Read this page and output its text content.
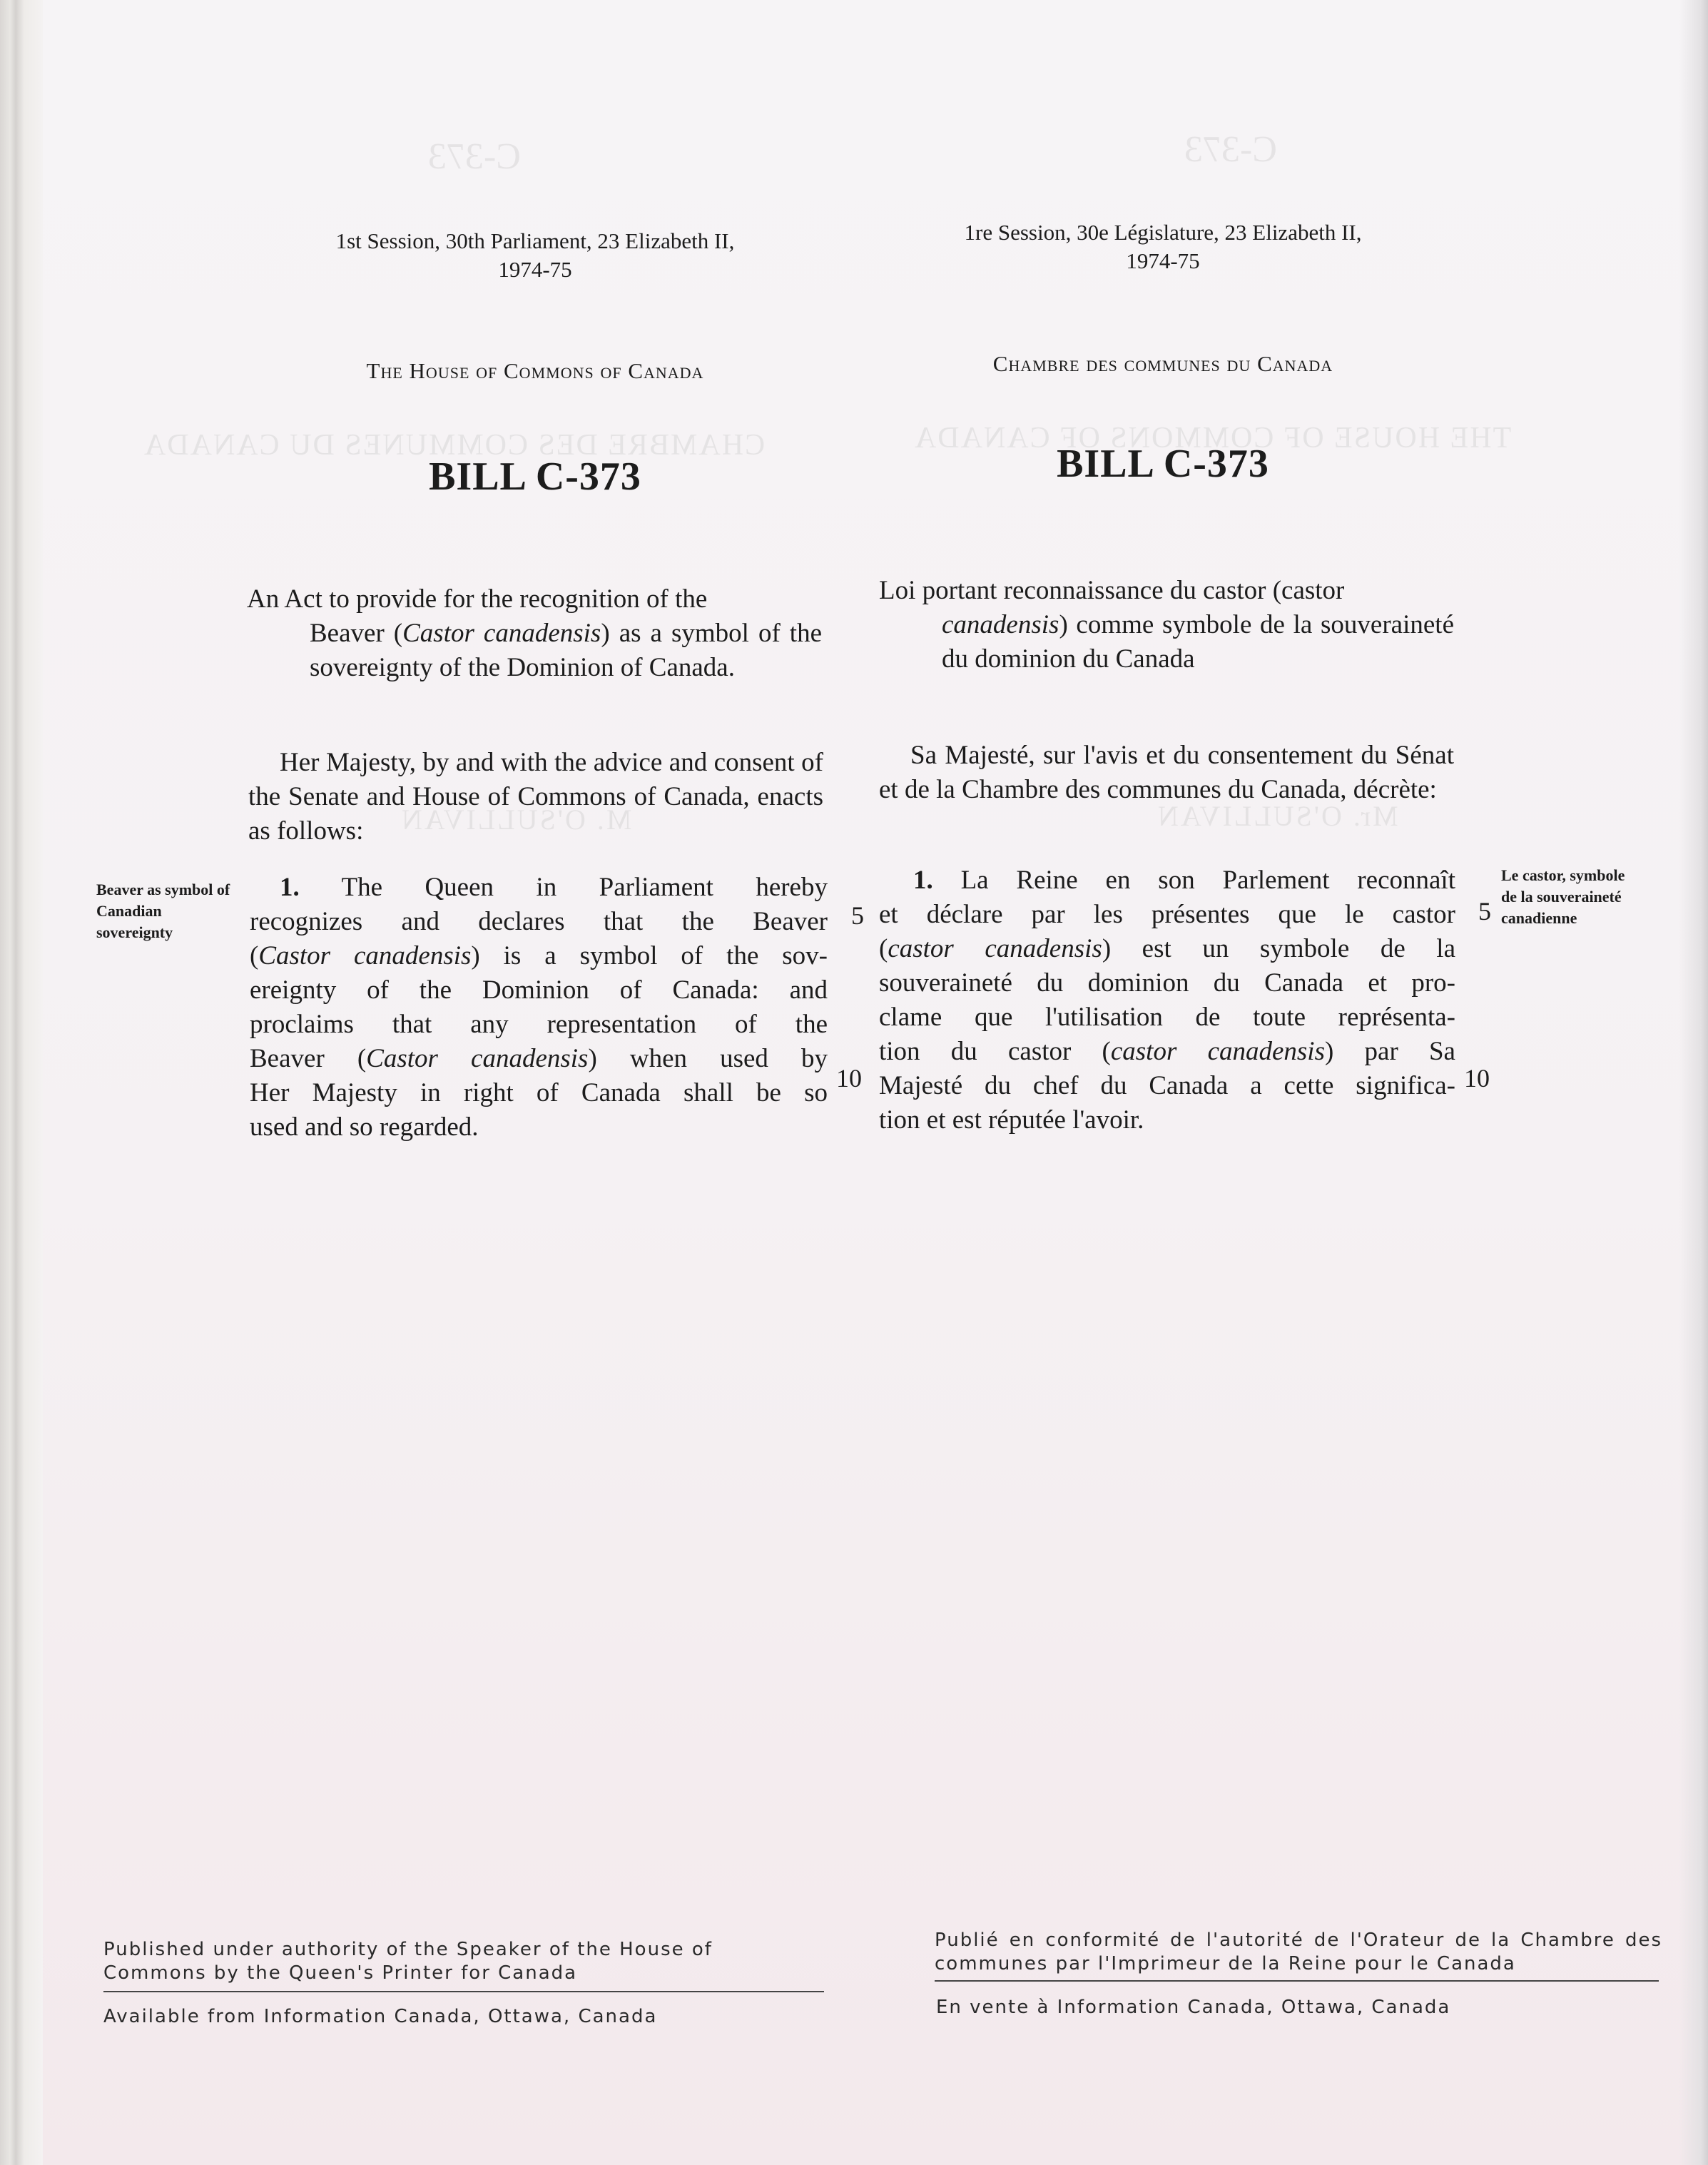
C-373	C-373
CHAMBRE DES COMMUNES DU CANADA	THE HOUSE OF COMMONS OF CANADA
M. O'SULLIVAN	Mr. O'SULLIVAN
1st Session, 30th Parliament, 23 Elizabeth II,
1974-75
The House of Commons of Canada
BILL C-373
An Act to provide for the recognition of the
Beaver (Castor canadensis) as a symbol of the sovereignty of the Dominion of Canada.
Her Majesty, by and with the advice and consent of the Senate and House of Commons of Canada, enacts as follows:
Beaver as symbol of Canadian sovereignty
1. The Queen in Parliament hereby
recognizes and declares that the Beaver
(Castor canadensis) is a symbol of the sov-
ereignty of the Dominion of Canada: and
proclaims that any representation of the
Beaver (Castor canadensis) when used by
Her Majesty in right of Canada shall be so
used and so regarded.
5
10
Published under authority of the Speaker of the House of Commons by the Queen's Printer for Canada
Available from Information Canada, Ottawa, Canada
1re Session, 30e Législature, 23 Elizabeth II,
1974-75
Chambre des communes du Canada
BILL C-373
Loi portant reconnaissance du castor (castor
canadensis) comme symbole de la souveraineté du dominion du Canada
Sa Majesté, sur l'avis et du consentement du Sénat et de la Chambre des communes du Canada, décrète:
1. La Reine en son Parlement reconnaît
et déclare par les présentes que le castor
(castor canadensis) est un symbole de la
souveraineté du dominion du Canada et pro-
clame que l'utilisation de toute représenta-
tion du castor (castor canadensis) par Sa
Majesté du chef du Canada a cette significa-
tion et est réputée l'avoir.
5
10
Le castor, symbole de la souveraineté canadienne
Publié en conformité de l'autorité de l'Orateur de la Chambre des communes par l'Imprimeur de la Reine pour le Canada
En vente à Information Canada, Ottawa, Canada
